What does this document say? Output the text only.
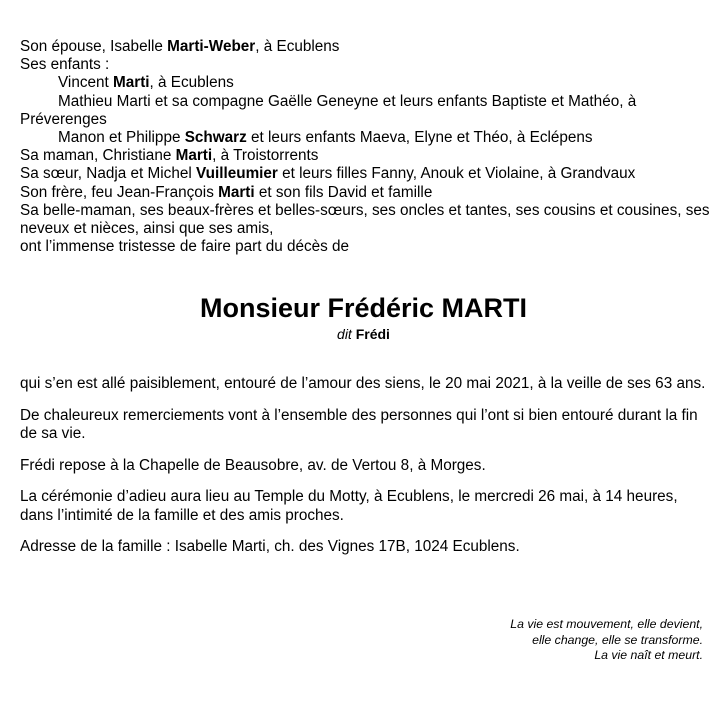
Son épouse, Isabelle Marti-Weber, à Ecublens
Ses enfants :
Vincent Marti, à Ecublens
Mathieu Marti et sa compagne Gaëlle Geneyne et leurs enfants Baptiste et Mathéo, à
Préverenges
Manon et Philippe Schwarz et leurs enfants Maeva, Elyne et Théo, à Eclépens
Sa maman, Christiane Marti, à Troistorrents
Sa sœur, Nadja et Michel Vuilleumier et leurs filles Fanny, Anouk et Violaine, à Grandvaux
Son frère, feu Jean-François Marti et son fils David et famille
Sa belle-maman, ses beaux-frères et belles-sœurs, ses oncles et tantes, ses cousins et cousines, ses neveux et nièces, ainsi que ses amis,
ont l’immense tristesse de faire part du décès de
Monsieur Frédéric MARTI
dit Frédi

qui s’en est allé paisiblement, entouré de l’amour des siens, le 20 mai 2021, à la veille de ses 63 ans.

De chaleureux remerciements vont à l’ensemble des personnes qui l’ont si bien entouré durant la fin de sa vie.

Frédi repose à la Chapelle de Beausobre, av. de Vertou 8, à Morges.

La cérémonie d’adieu aura lieu au Temple du Motty, à Ecublens, le mercredi 26 mai, à 14 heures, dans l’intimité de la famille et des amis proches.

Adresse de la famille : Isabelle Marti, ch. des Vignes 17B, 1024 Ecublens.

La vie est mouvement, elle devient,
elle change, elle se transforme.
La vie naît et meurt.
